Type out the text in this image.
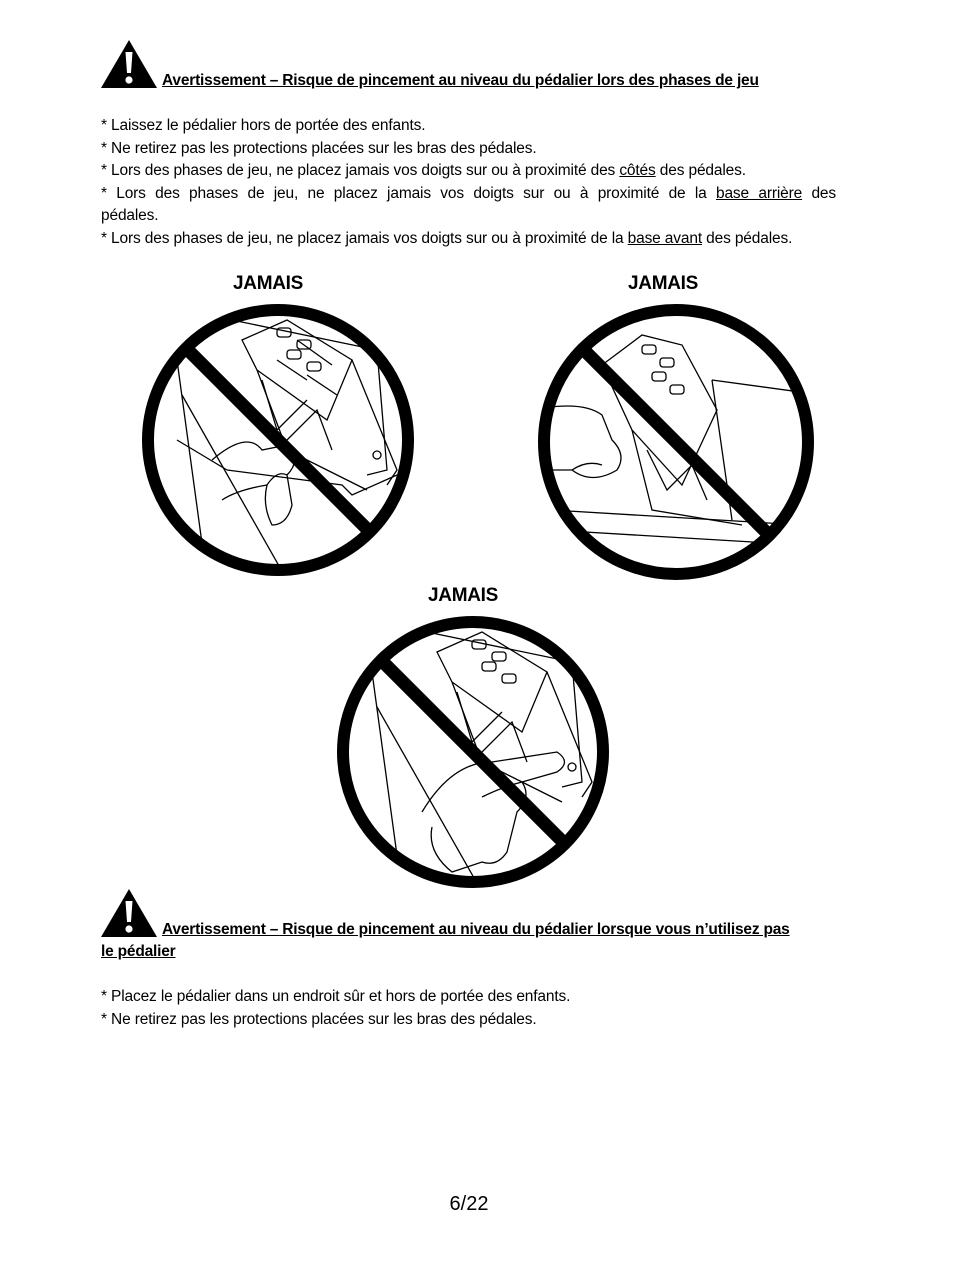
Avertissement – Risque de pincement au niveau du pédalier lors des phases de jeu
* Laissez le pédalier hors de portée des enfants.
* Ne retirez pas les protections placées sur les bras des pédales.
* Lors des phases de jeu, ne placez jamais vos doigts sur ou à proximité des côtés des pédales.
* Lors des phases de jeu, ne placez jamais vos doigts sur ou à proximité de la base arrière des
pédales.
* Lors des phases de jeu, ne placez jamais vos doigts sur ou à proximité de la base avant des pédales.
JAMAIS	JAMAIS
JAMAIS
Avertissement – Risque de pincement au niveau du pédalier lorsque vous n’utilisez pas
le pédalier
* Placez le pédalier dans un endroit sûr et hors de portée des enfants.
* Ne retirez pas les protections placées sur les bras des pédales.
6/22
